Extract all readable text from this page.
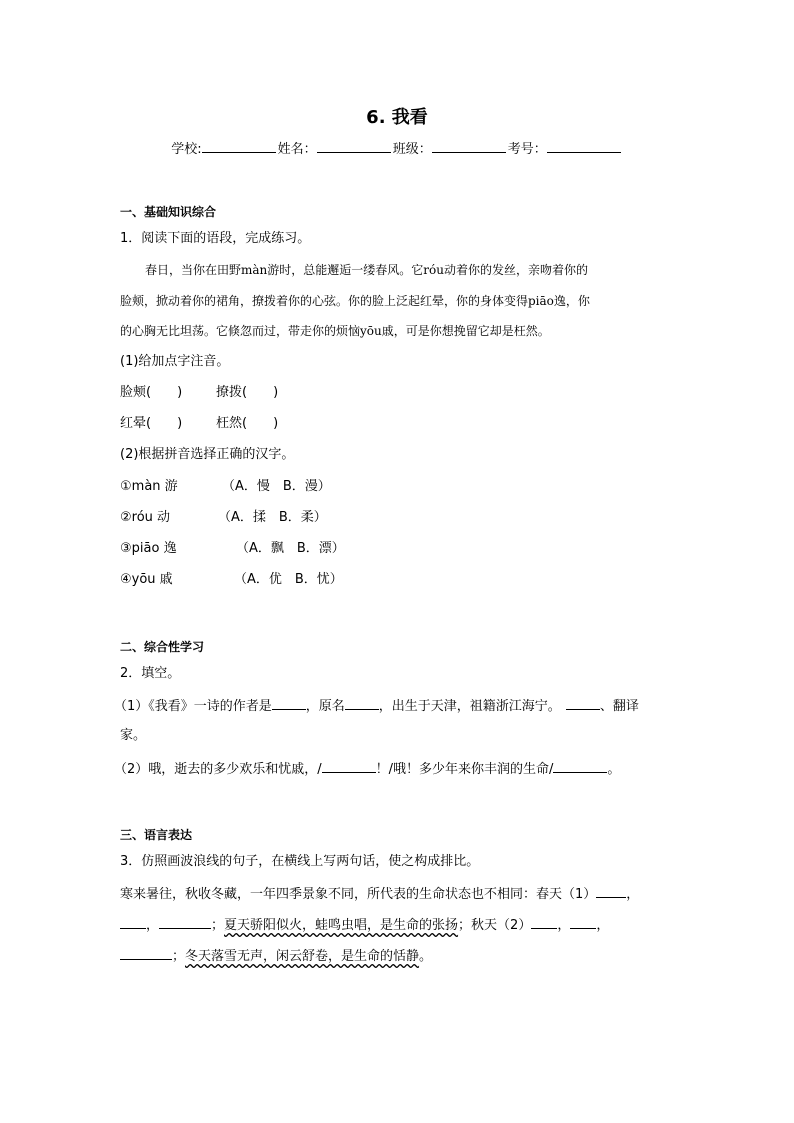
6. 我看
学校:	姓名：	班级：	考号：
一、基础知识综合
1．阅读下面的语段，完成练习。
春日，当你在田野màn游时，总能邂逅一缕春风。它róu动着你的发丝，亲吻着你的
脸颊，掀动着你的裙角，撩拨着你的心弦。你的脸上泛起红晕，你的身体变得piāo逸，你
的心胸无比坦荡。它倏忽而过，带走你的烦恼yōu戚，可是你想挽留它却是枉然。
(1)给加点字注音。
脸颊(　　)	撩拨(　　)
红晕(　　)	枉然(　　)
(2)根据拼音选择正确的汉字。
①màn 游	（A．慢　B．漫）
②róu 动	（A．揉　B．柔）
③piāo 逸	（A．飘　B．漂）
④yōu 戚	（A．优　B．忧）
二、综合性学习
2．填空。
（1）《我看》一诗的作者是	，原名	，出生于天津，祖籍浙江海宁。	、翻译
家。
（2）哦，逝去的多少欢乐和忧戚，/	！/哦！多少年来你丰润的生命/	。
三、语言表达
3．仿照画波浪线的句子，在横线上写两句话，使之构成排比。
寒来暑往，秋收冬藏，一年四季景象不同，所代表的生命状态也不相同：春天（1） ，
，	；夏天骄阳似火，蛙鸣虫唱，是生命的张扬；秋天（2） ， ，
；冬天落雪无声，闲云舒卷，是生命的恬静。
